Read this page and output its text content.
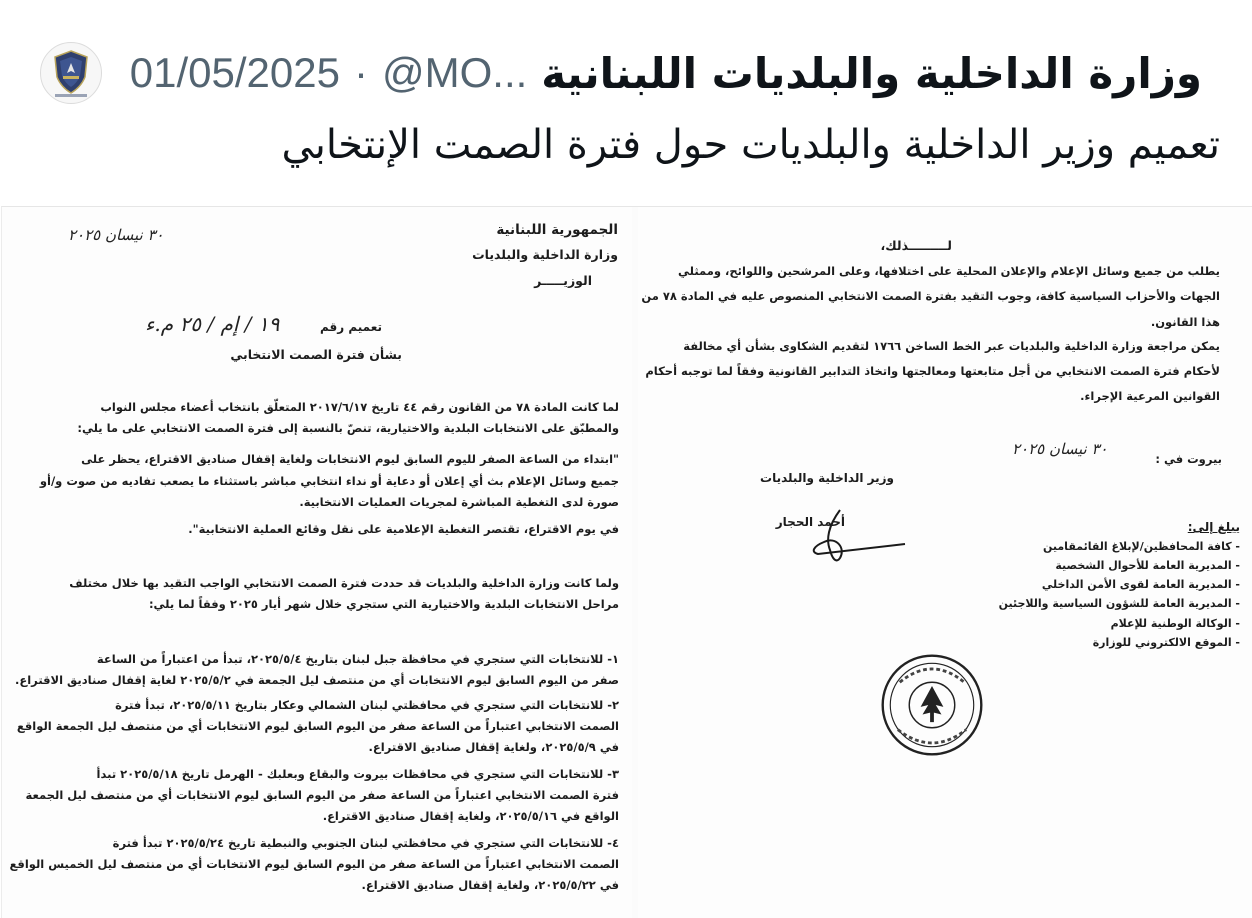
وزارة الداخلية والبلديات اللبنانية
@MO...
·
01/05/2025
تعميم وزير الداخلية والبلديات حول فترة الصمت الإنتخابي
الجمهورية اللبنانية
وزارة الداخلية والبلديات
الوزيـــــر
٣٠ نيسان ٢٠٢٥
تعميم رقم
١٩ / إم / ٢٥ م.ء
بشأن فترة الصمت الانتخابي
لما كانت المادة ٧٨ من القانون رقم ٤٤ تاريخ ٢٠١٧/٦/١٧ المتعلّق بانتخاب أعضاء مجلس النواب
والمطبّق على الانتخابات البلدية والاختيارية، تنصّ بالنسبة إلى فترة الصمت الانتخابي على ما يلي:
"ابتداء من الساعة الصفر لليوم السابق ليوم الانتخابات ولغاية إقفال صناديق الاقتراع، يحظر على
جميع وسائل الإعلام بث أي إعلان أو دعاية أو نداء انتخابي مباشر باستثناء ما يصعب تفاديه من صوت و/أو
صورة لدى التغطية المباشرة لمجريات العمليات الانتخابية.
في يوم الاقتراع، تقتصر التغطية الإعلامية على نقل وقائع العملية الانتخابية".
ولما كانت وزارة الداخلية والبلديات قد حددت فترة الصمت الانتخابي الواجب التقيد بها خلال مختلف
مراحل الانتخابات البلدية والاختيارية التي ستجري خلال شهر أيار ٢٠٢٥ وفقاً لما يلي:
١- للانتخابات التي ستجري في محافظة جبل لبنان بتاريخ ٢٠٢٥/٥/٤، تبدأ من اعتباراً من الساعة
صفر من اليوم السابق ليوم الانتخابات أي من منتصف ليل الجمعة في ٢٠٢٥/٥/٢ لغاية إقفال صناديق الاقتراع.
٢- للانتخابات التي ستجري في محافظتي لبنان الشمالي وعكار بتاريخ ٢٠٢٥/٥/١١، تبدأ فترة
الصمت الانتخابي اعتباراً من الساعة صفر من اليوم السابق ليوم الانتخابات أي من منتصف ليل الجمعة الواقع
في ٢٠٢٥/٥/٩، ولغاية إقفال صناديق الاقتراع.
٣- للانتخابات التي ستجري في محافظات بيروت والبقاع وبعلبك - الهرمل تاريخ ٢٠٢٥/٥/١٨ تبدأ
فترة الصمت الانتخابي اعتباراً من الساعة صفر من اليوم السابق ليوم الانتخابات أي من منتصف ليل الجمعة
الواقع في ٢٠٢٥/٥/١٦، ولغاية إقفال صناديق الاقتراع.
٤- للانتخابات التي ستجري في محافظتي لبنان الجنوبي والنبطية تاريخ ٢٠٢٥/٥/٢٤ تبدأ فترة
الصمت الانتخابي اعتباراً من الساعة صفر من اليوم السابق ليوم الانتخابات أي من منتصف ليل الخميس الواقع
في ٢٠٢٥/٥/٢٢، ولغاية إقفال صناديق الاقتراع.
لـــــــــذلك،
يطلب من جميع وسائل الإعلام والإعلان المحلية على اختلافها، وعلى المرشحين واللوائح، وممثلي
الجهات والأحزاب السياسية كافة، وجوب التقيد بفترة الصمت الانتخابي المنصوص عليه في المادة ٧٨ من
هذا القانون.
يمكن مراجعة وزارة الداخلية والبلديات عبر الخط الساخن ١٧٦٦ لتقديم الشكاوى بشأن أي مخالفة
لأحكام فترة الصمت الانتخابي من أجل متابعتها ومعالجتها واتخاذ التدابير القانونية وفقاً لما توجبه أحكام
القوانين المرعية الإجراء.
بيروت في :
٣٠ نيسان ٢٠٢٥
وزير الداخلية والبلديات
أحمد الحجار	يبلغ إلى:
- كافة المحافظين/لإبلاغ القائمقامين
- المديرية العامة للأحوال الشخصية
- المديرية العامة لقوى الأمن الداخلي
- المديرية العامة للشؤون السياسية واللاجئين
- الوكالة الوطنية للإعلام
- الموقع الالكتروني للوزارة
